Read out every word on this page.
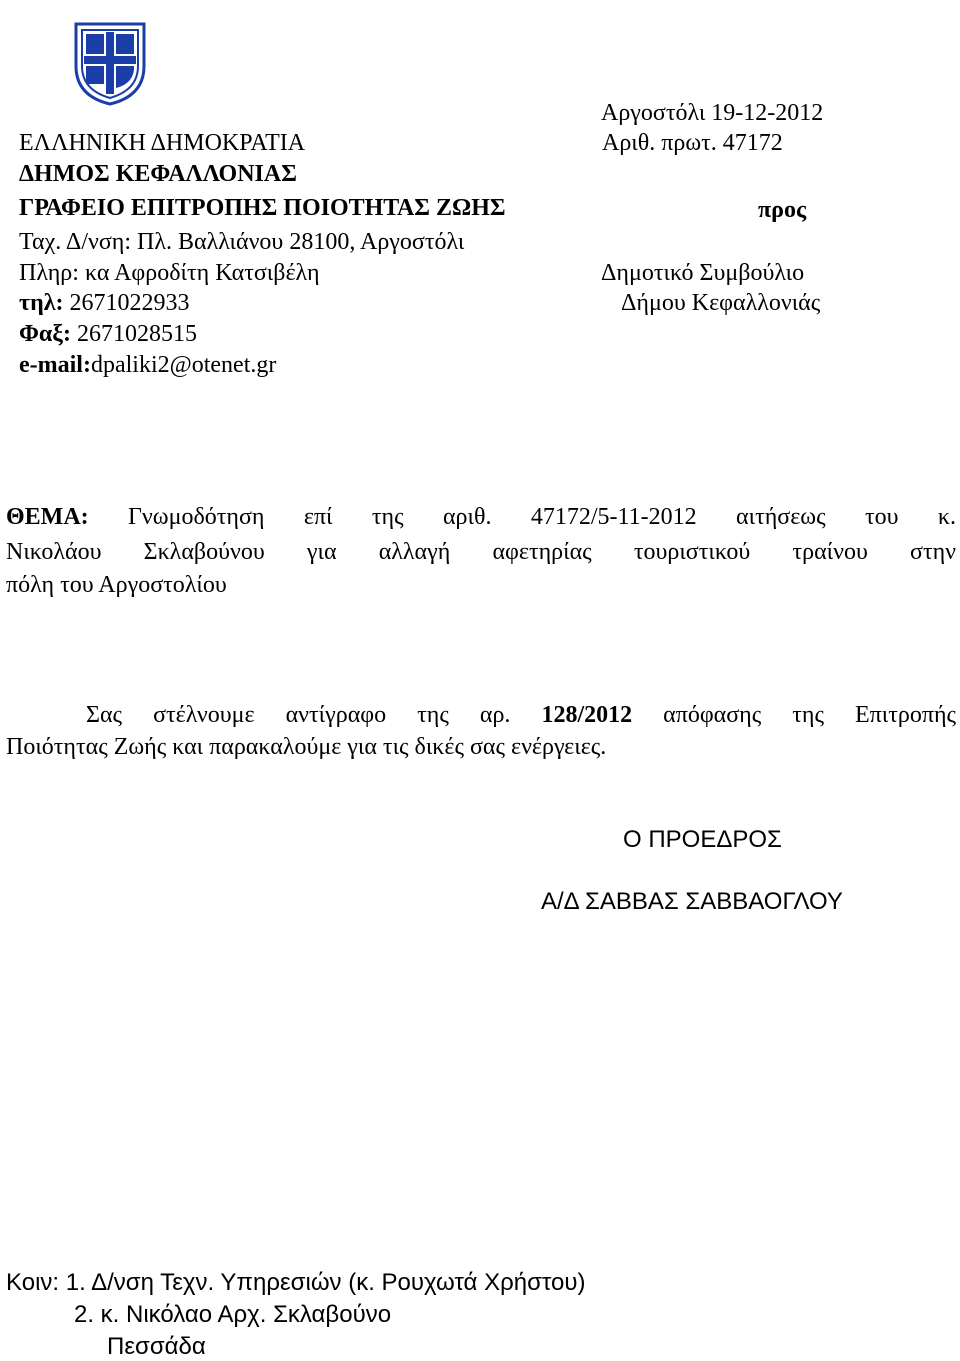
Αργοστόλι 19-12-2012
Αριθ. πρωτ. 47172
ΕΛΛΗΝΙΚΗ ΔΗΜΟΚΡΑΤΙΑ
ΔΗΜΟΣ ΚΕΦΑΛΛΟΝΙΑΣ
ΓΡΑΦΕΙΟ ΕΠΙΤΡΟΠΗΣ ΠΟΙΟΤΗΤΑΣ ΖΩΗΣ
Ταχ. Δ/νση: Πλ. Βαλλιάνου 28100, Αργοστόλι
Πληρ: κα Αφροδίτη Κατσιβέλη
τηλ: 2671022933
Φαξ: 2671028515
e-mail:dpaliki2@otenet.gr
προς
Δημοτικό Συμβούλιο
Δήμου Κεφαλλονιάς
ΘΕΜΑ: Γνωμοδότηση επί της αριθ. 47172/5-11-2012 αιτήσεως του κ.
Νικολάου Σκλαβούνου για αλλαγή αφετηρίας τουριστικού τραίνου στην
πόλη του Αργοστολίου
Σας στέλνουμε αντίγραφο της αρ. 128/2012 απόφασης της Επιτροπής
Ποιότητας Ζωής και παρακαλούμε για τις δικές σας ενέργειες.
Ο ΠΡΟΕΔΡΟΣ
Α/Δ ΣΑΒΒΑΣ ΣΑΒΒΑΟΓΛΟΥ
Κοιν: 1. Δ/νση Τεχν. Υπηρεσιών (κ. Ρουχωτά Χρήστου)
2. κ. Νικόλαο Αρχ. Σκλαβούνο
Πεσσάδα
